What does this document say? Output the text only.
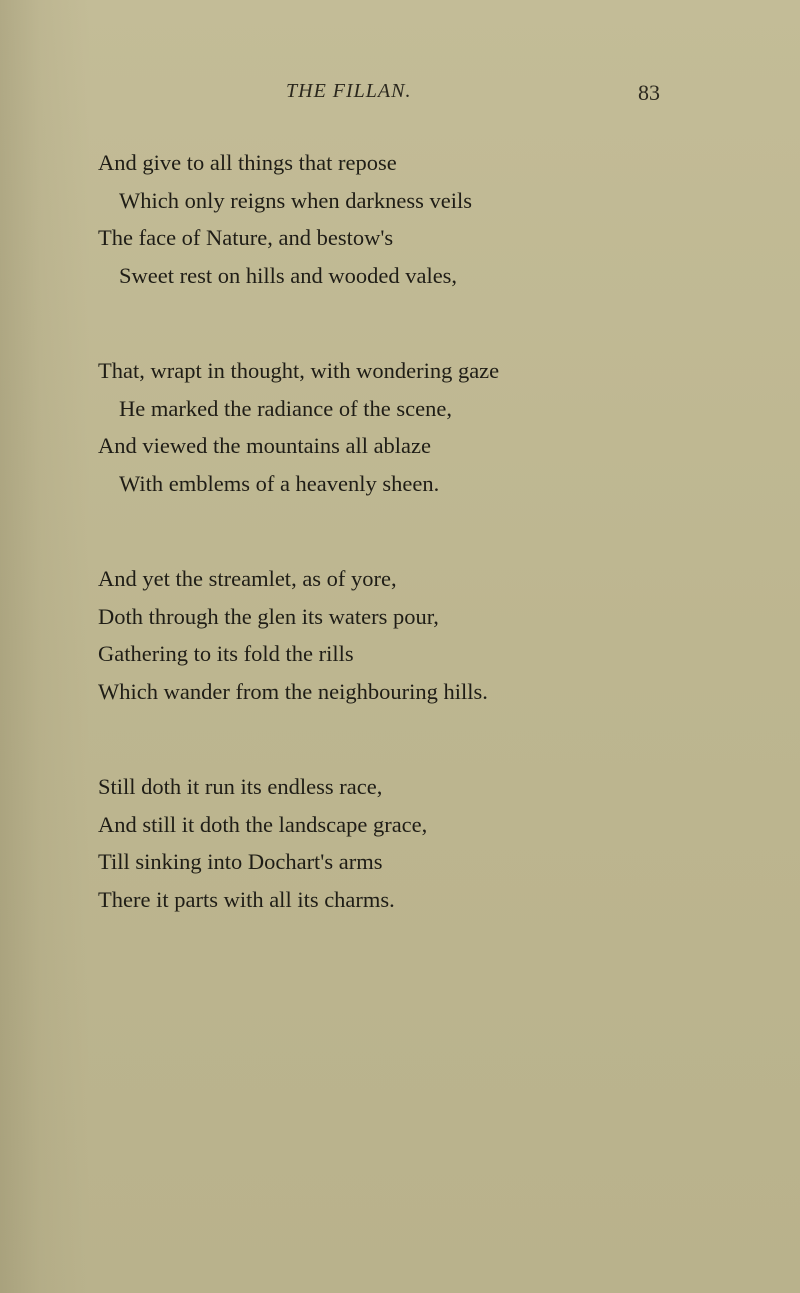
THE FILLAN.	83
And give to all things that repose
Which only reigns when darkness veils
The face of Nature, and bestow's
Sweet rest on hills and wooded vales,
That, wrapt in thought, with wondering gaze
He marked the radiance of the scene,
And viewed the mountains all ablaze
With emblems of a heavenly sheen.
And yet the streamlet, as of yore,
Doth through the glen its waters pour,
Gathering to its fold the rills
Which wander from the neighbouring hills.
Still doth it run its endless race,
And still it doth the landscape grace,
Till sinking into Dochart's arms
There it parts with all its charms.
